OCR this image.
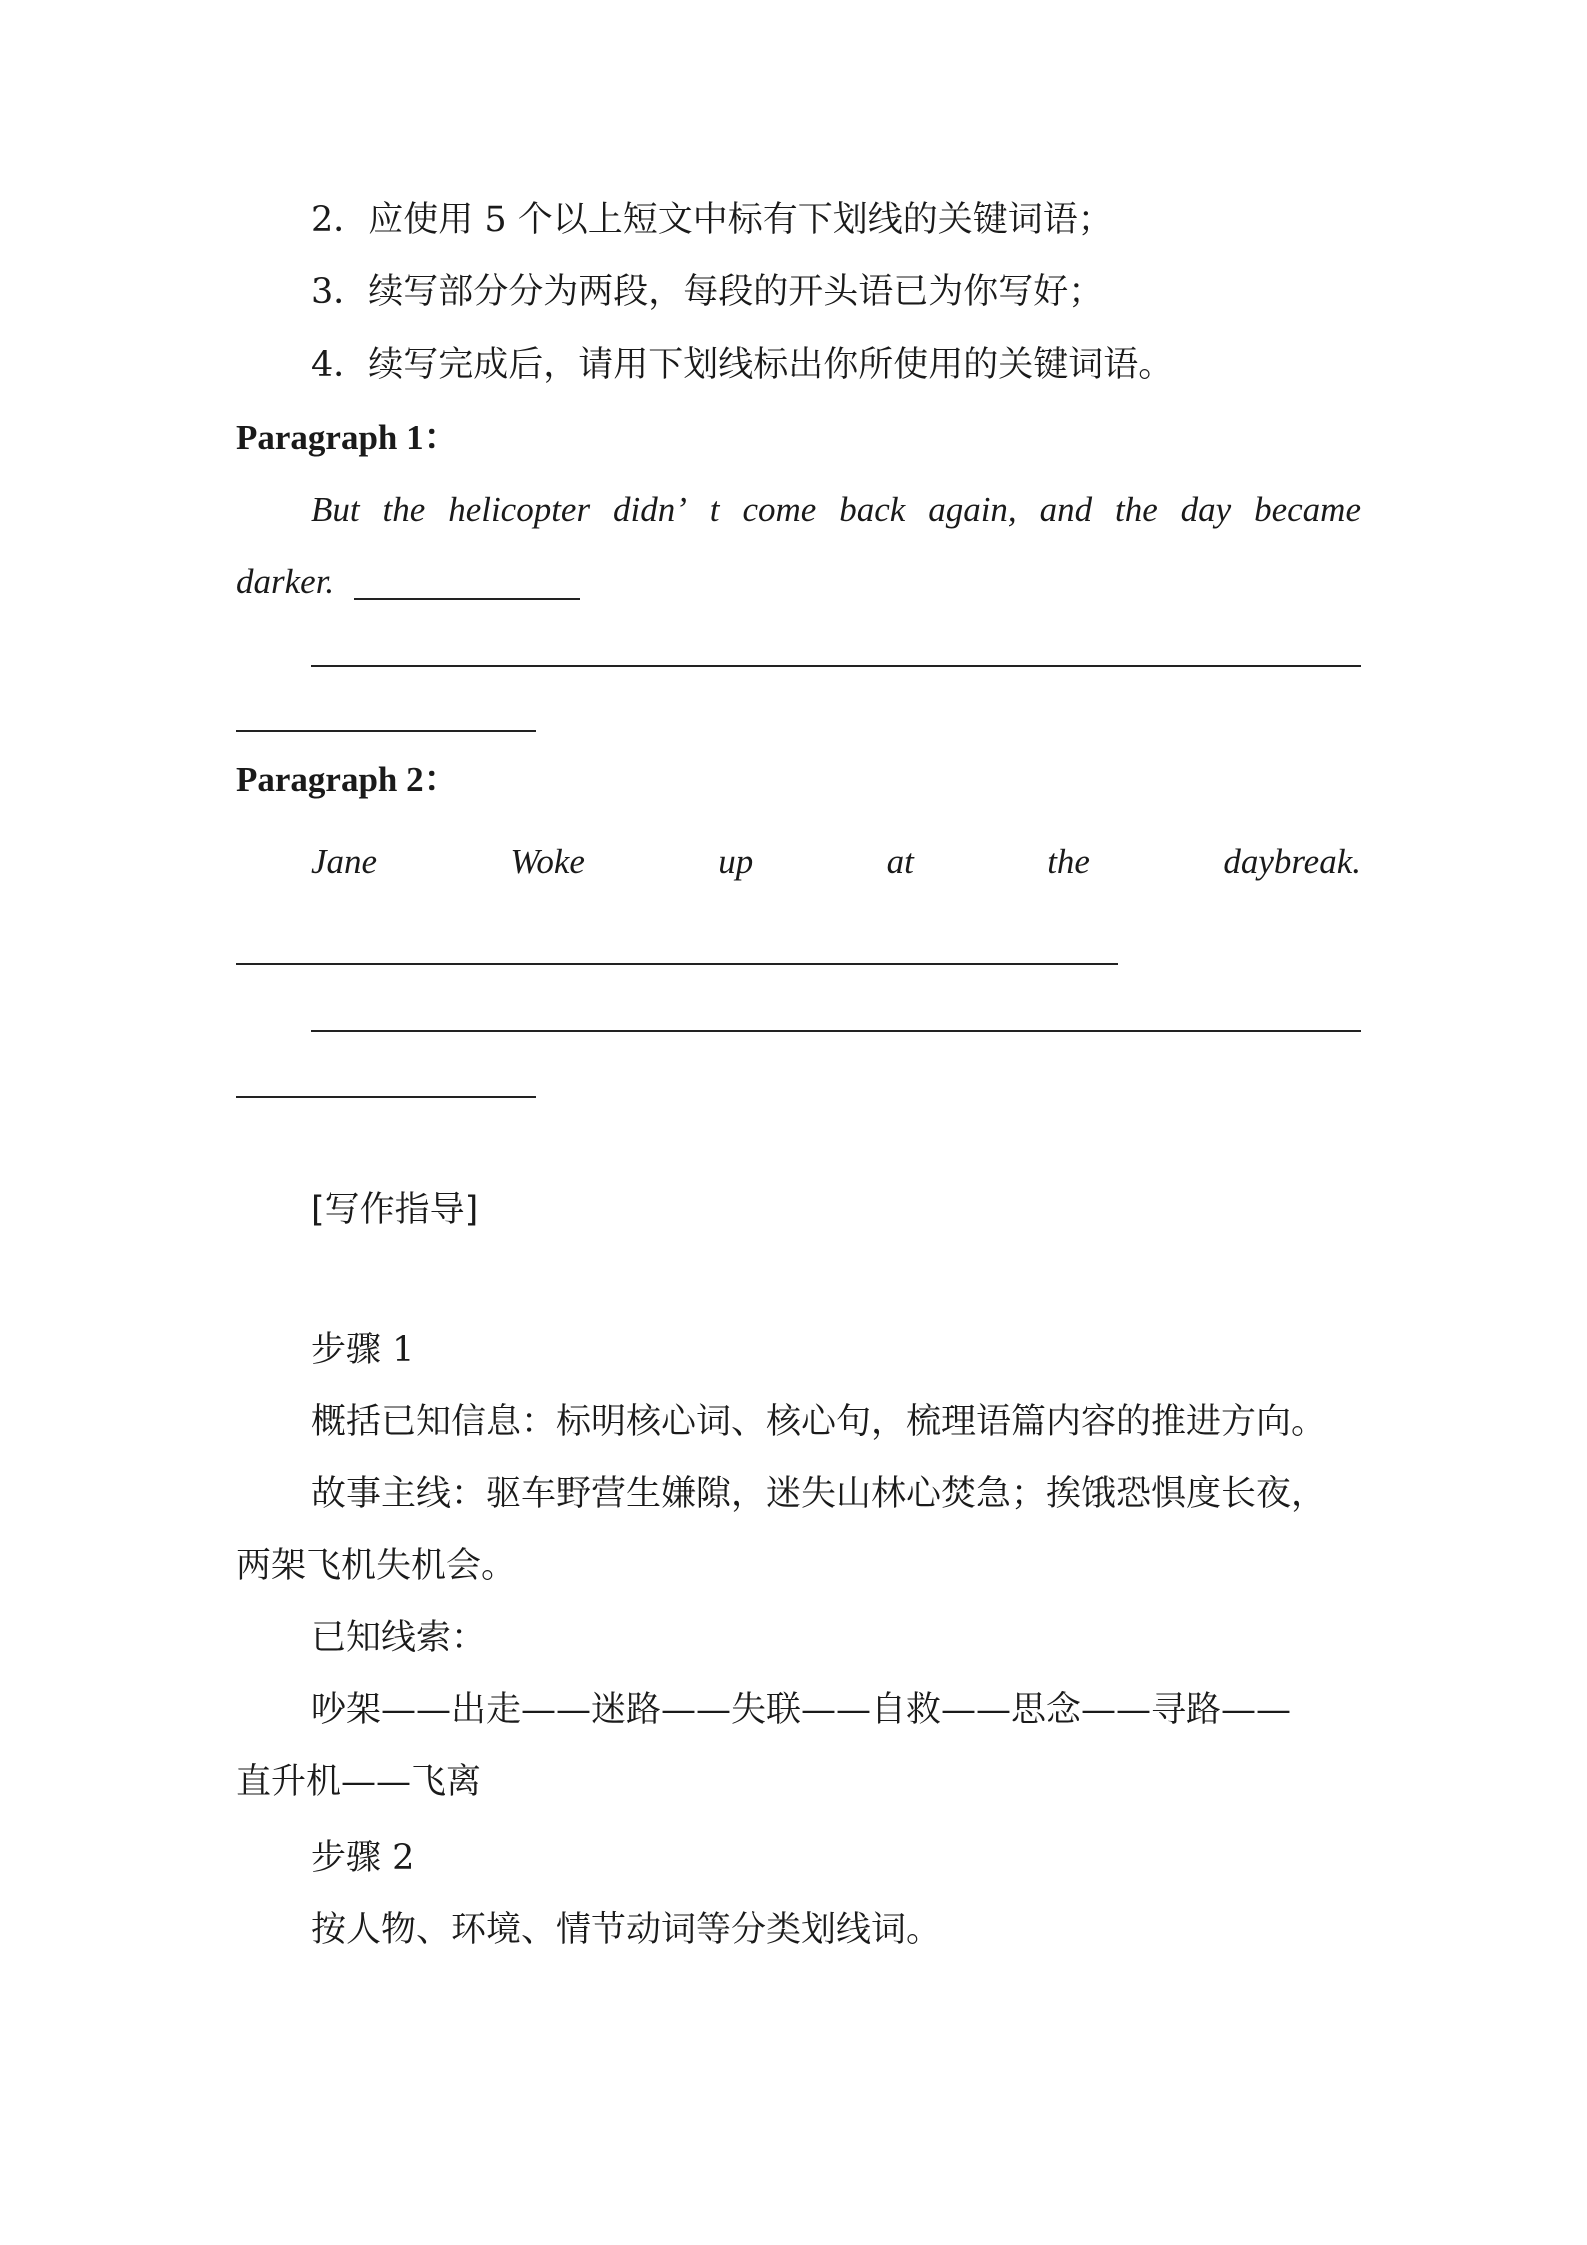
2．应使用 5 个以上短文中标有下划线的关键词语；
3．续写部分分为两段，每段的开头语已为你写好；
4．续写完成后，请用下划线标出你所使用的关键词语。
Paragraph 1：
But the helicopter didn’ t come back again, and the day became
darker.
Paragraph 2：
Jane	Woke	up	at	the	daybreak.
[写作指导]
步骤 1
概括已知信息：标明核心词、核心句，梳理语篇内容的推进方向。
故事主线：驱车野营生嫌隙，迷失山林心焚急；挨饿恐惧度长夜，
两架飞机失机会。
已知线索：
吵架——出走——迷路——失联——自救——思念——寻路——
直升机——飞离
步骤 2
按人物、环境、情节动词等分类划线词。
